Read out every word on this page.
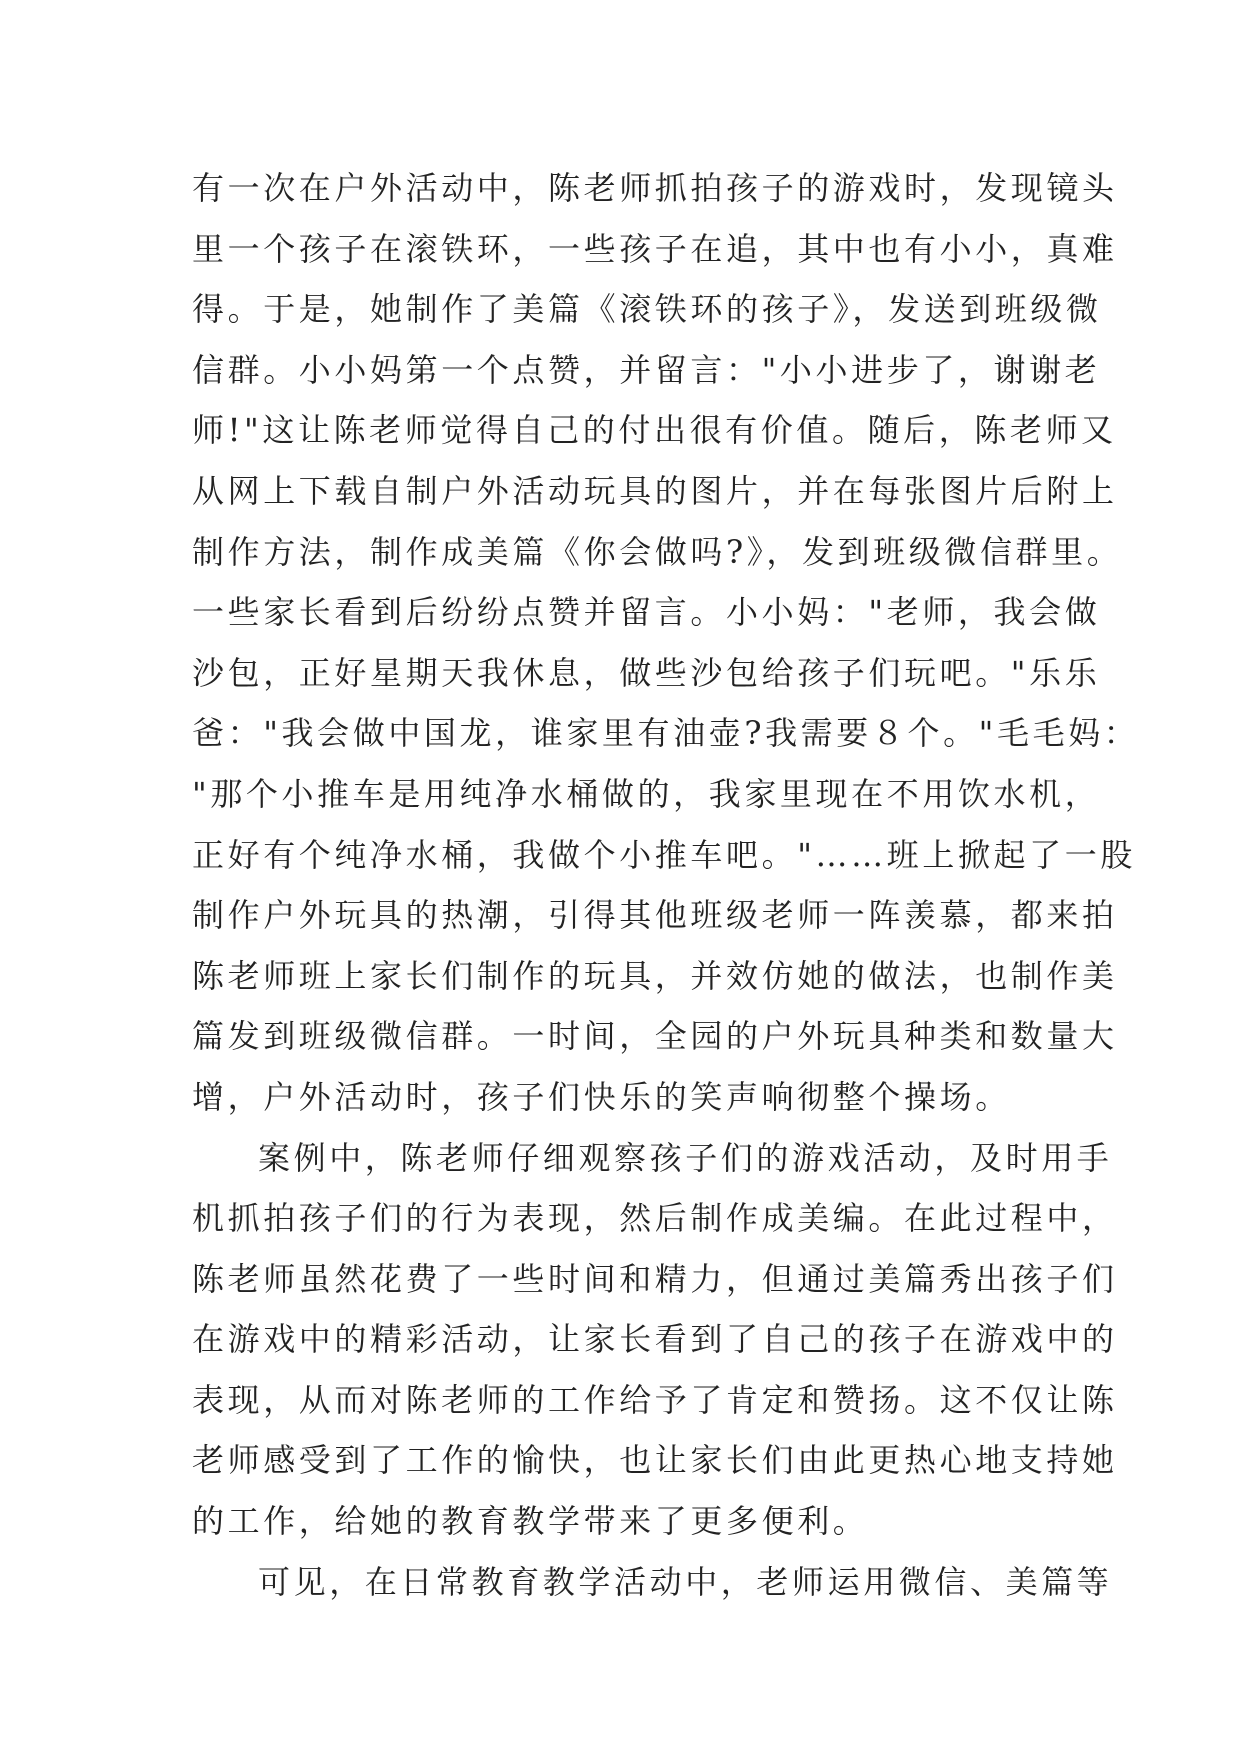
有一次在户外活动中，陈老师抓拍孩子的游戏时，发现镜头
里一个孩子在滚铁环，一些孩子在追，其中也有小小，真难
得。于是，她制作了美篇《滚铁环的孩子》，发送到班级微
信群。小小妈第一个点赞，并留言："小小进步了，谢谢老
师!"这让陈老师觉得自己的付出很有价值。随后，陈老师又
从网上下载自制户外活动玩具的图片，并在每张图片后附上
制作方法，制作成美篇《你会做吗?》，发到班级微信群里。
一些家长看到后纷纷点赞并留言。小小妈："老师，我会做
沙包，正好星期天我休息，做些沙包给孩子们玩吧。"乐乐
爸："我会做中国龙，谁家里有油壶?我需要８个。"毛毛妈：
"那个小推车是用纯净水桶做的，我家里现在不用饮水机，
正好有个纯净水桶，我做个小推车吧。"……班上掀起了一股
制作户外玩具的热潮，引得其他班级老师一阵羡慕，都来拍
陈老师班上家长们制作的玩具，并效仿她的做法，也制作美
篇发到班级微信群。一时间，全园的户外玩具种类和数量大
增，户外活动时，孩子们快乐的笑声响彻整个操场。
案例中，陈老师仔细观察孩子们的游戏活动，及时用手
机抓拍孩子们的行为表现，然后制作成美编。在此过程中，
陈老师虽然花费了一些时间和精力，但通过美篇秀出孩子们
在游戏中的精彩活动，让家长看到了自己的孩子在游戏中的
表现，从而对陈老师的工作给予了肯定和赞扬。这不仅让陈
老师感受到了工作的愉快，也让家长们由此更热心地支持她
的工作，给她的教育教学带来了更多便利。
可见，在日常教育教学活动中，老师运用微信、美篇等
